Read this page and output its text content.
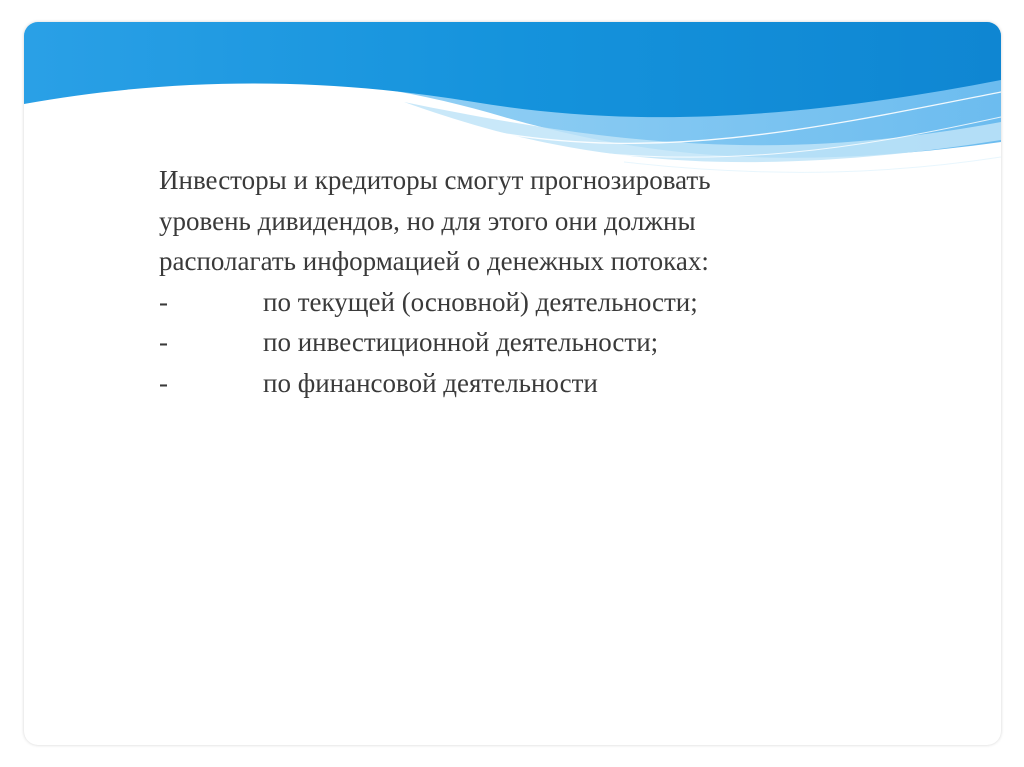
Инвесторы и кредиторы смогут прогнозировать
уровень дивидендов, но для этого они должны
располагать информацией о денежных потоках:
-	по текущей (основной) деятельности;
-	по инвестиционной деятельности;
-	по финансовой деятельности
